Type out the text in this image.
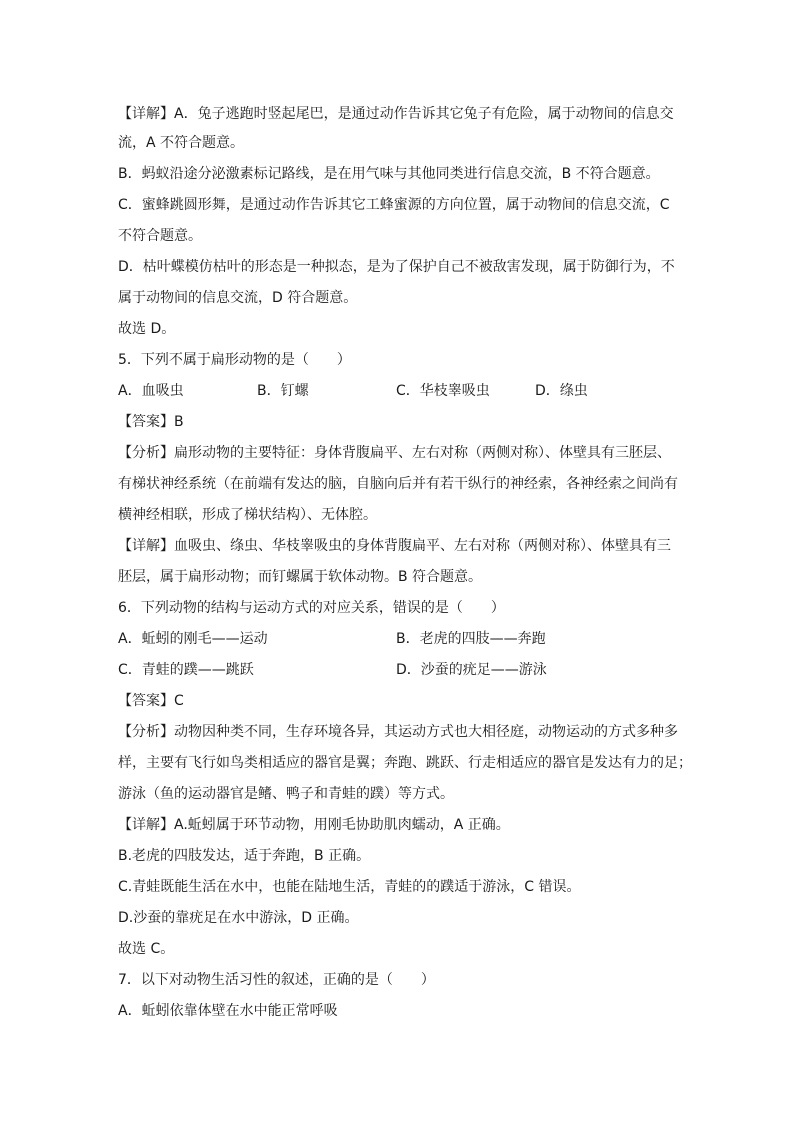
【详解】A．兔子逃跑时竖起尾巴，是通过动作告诉其它兔子有危险，属于动物间的信息交
流，A 不符合题意。
B．蚂蚁沿途分泌激素标记路线，是在用气味与其他同类进行信息交流，B 不符合题意。
C．蜜蜂跳圆形舞，是通过动作告诉其它工蜂蜜源的方向位置，属于动物间的信息交流，C
不符合题意。
D．枯叶蝶模仿枯叶的形态是一种拟态，是为了保护自己不被敌害发现，属于防御行为，不
属于动物间的信息交流，D 符合题意。
故选 D。
5．下列不属于扁形动物的是（　　）
A．血吸虫	B．钉螺	C．华枝睾吸虫	D．绦虫
【答案】B
【分析】扁形动物的主要特征：身体背腹扁平、左右对称（两侧对称）、体壁具有三胚层、
有梯状神经系统（在前端有发达的脑，自脑向后并有若干纵行的神经索，各神经索之间尚有
横神经相联，形成了梯状结构）、无体腔。
【详解】血吸虫、绦虫、华枝睾吸虫的身体背腹扁平、左右对称（两侧对称）、体壁具有三
胚层，属于扁形动物；而钉螺属于软体动物。B 符合题意。
6．下列动物的结构与运动方式的对应关系，错误的是（　　）
A．蚯蚓的刚毛——运动	B．老虎的四肢——奔跑
C．青蛙的蹼——跳跃	D．沙蚕的疣足——游泳
【答案】C
【分析】动物因种类不同，生存环境各异，其运动方式也大相径庭，动物运动的方式多种多
样，主要有飞行如鸟类相适应的器官是翼；奔跑、跳跃、行走相适应的器官是发达有力的足；
游泳（鱼的运动器官是鳍、鸭子和青蛙的蹼）等方式。
【详解】A.蚯蚓属于环节动物，用刚毛协助肌肉蠕动，A 正确。
B.老虎的四肢发达，适于奔跑，B 正确。
C.青蛙既能生活在水中，也能在陆地生活，青蛙的的蹼适于游泳，C 错误。
D.沙蚕的靠疣足在水中游泳，D 正确。
故选 C。
7．以下对动物生活习性的叙述，正确的是（　　）
A．蚯蚓依靠体壁在水中能正常呼吸
